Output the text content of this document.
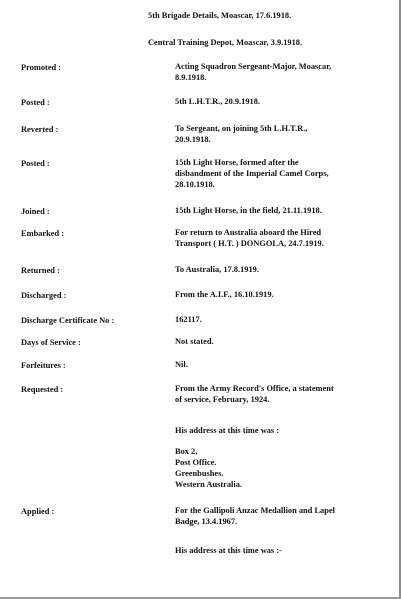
5th Brigade Details, Moascar, 17.6.1918.
Central Training Depot, Moascar, 3.9.1918.
Promoted :	Acting Squadron Sergeant-Major, Moascar,
8.9.1918.
Posted :	5th L.H.T.R., 20.9.1918.
Reverted :	To Sergeant, on joining 5th L.H.T.R.,
20.9.1918.
Posted :	15th Light Horse, formed after the
disbandment of the Imperial Camel Corps,
28.10.1918.
Joined :	15th Light Horse, in the field, 21.11.1918.
Embarked :	For return to Australia aboard the Hired
Transport ( H.T. ) DONGOLA, 24.7.1919.
Returned :	To Australia, 17.8.1919.
Discharged :	From the A.I.F., 16.10.1919.
Discharge Certificate No :	162117.
Days of Service :	Not stated.
Forfeitures :	Nil.
Requested :	From the Army Record's Office, a statement
of service, February, 1924.
His address at this time was :
Box 2,
Post Office.
Greenbushes.
Western Australia.
Applied :	For the Gallipoli Anzac Medallion and Lapel
Badge, 13.4.1967.
His address at this time was :-
